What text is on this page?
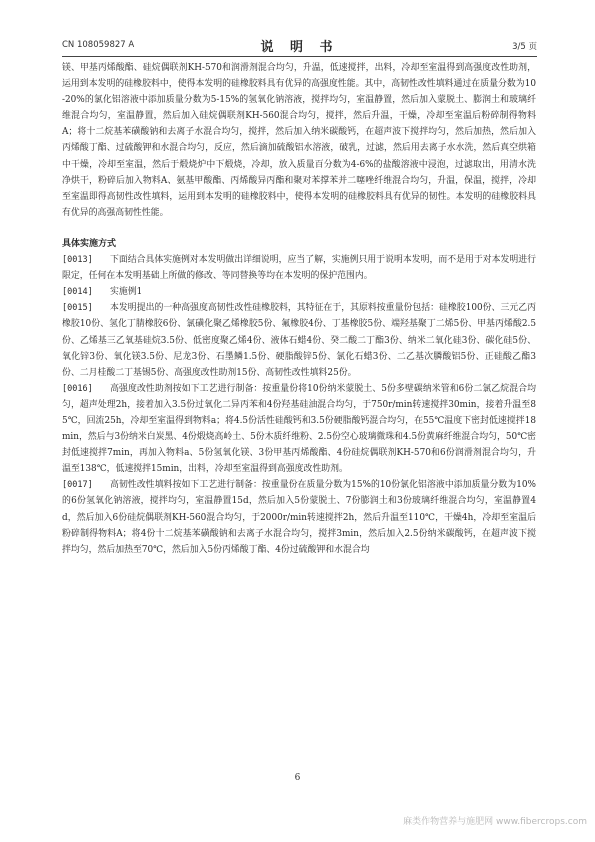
CN 108059827 A	说 明 书	3/5 页

镁、甲基丙烯酸酯、硅烷偶联剂KH-570和润滑剂混合均匀，升温，低速搅拌，出料，冷却至室温得到高强度改性助剂，运用到本发明的硅橡胶料中，使得本发明的硅橡胶料具有优异的高强度性能。其中，高韧性改性填料通过在质量分数为10-20%的氯化铝溶液中添加质量分数为5-15%的氢氧化钠溶液，搅拌均匀，室温静置，然后加入蒙脱土、膨润土和玻璃纤维混合均匀，室温静置，然后加入硅烷偶联剂KH-560混合均匀，搅拌，然后升温，干燥，冷却至室温后粉碎制得物料A；将十二烷基苯磺酸钠和去离子水混合均匀，搅拌，然后加入纳米碳酸钙，在超声波下搅拌均匀，然后加热，然后加入丙烯酸丁酯、过硫酸钾和水混合均匀，反应，然后滴加硫酸铝水溶液，破乳，过滤，然后用去离子水水洗，然后真空烘箱中干燥，冷却至室温，然后于煅烧炉中下煅烧，冷却，放入质量百分数为4-6%的盐酸溶液中浸泡，过滤取出，用清水洗净烘干，粉碎后加入物料A、氨基甲酸酯、丙烯酸异丙酯和聚对苯撑苯并二噻唑纤维混合均匀，升温，保温，搅拌，冷却至室温即得高韧性改性填料，运用到本发明的硅橡胶料中，使得本发明的硅橡胶料具有优异的韧性。本发明的硅橡胶料具有优异的高强高韧性性能。

具体实施方式

[0013] 下面结合具体实施例对本发明做出详细说明，应当了解，实施例只用于说明本发明，而不是用于对本发明进行限定，任何在本发明基础上所做的修改、等同替换等均在本发明的保护范围内。

[0014] 实施例1

[0015] 本发明提出的一种高强度高韧性改性硅橡胶料，其特征在于，其原料按重量份包括：硅橡胶100份、三元乙丙橡胶10份、氢化丁腈橡胶6份、氯磺化聚乙烯橡胶5份、氟橡胶4份、丁基橡胶5份、端羟基聚丁二烯5份、甲基丙烯酸2.5份、乙烯基三乙氧基硅烷3.5份、低密度聚乙烯4份、液体石蜡4份、癸二酸二丁酯3份、纳米二氧化硅3份、碳化硅5份、氧化锌3份、氧化镁3.5份、尼龙3份、石墨鳞1.5份、硬脂酸锌5份、氯化石蜡3份、二乙基次膦酸铝5份、正硅酸乙酯3份、二月桂酸二丁基锡5份、高强度改性助剂15份、高韧性改性填料25份。

[0016] 高强度改性助剂按如下工艺进行制备：按重量份将10份纳米蒙脱土、5份多壁碳纳米管和6份二氯乙烷混合均匀，超声处理2h，接着加入3.5份过氧化二异丙苯和4份羟基硅油混合均匀，于750r/min转速搅拌30min，接着升温至85℃，回流25h，冷却至室温得到物料a；将4.5份活性硅酸钙和3.5份硬脂酸钙混合均匀，在55℃温度下密封低速搅拌18min，然后与3份纳米白炭黑、4份煅烧高岭土、5份木质纤维粉、2.5份空心玻璃微珠和4.5份黄麻纤维混合均匀，50℃密封低速搅拌7min，再加入物料a、5份氢氧化镁、3份甲基丙烯酸酯、4份硅烷偶联剂KH-570和6份润滑剂混合均匀，升温至138℃，低速搅拌15min，出料，冷却至室温得到高强度改性助剂。

[0017] 高韧性改性填料按如下工艺进行制备：按重量份在质量分数为15%的10份氯化铝溶液中添加质量分数为10%的6份氢氧化钠溶液，搅拌均匀，室温静置15d，然后加入5份蒙脱土、7份膨润土和3份玻璃纤维混合均匀，室温静置4d，然后加入6份硅烷偶联剂KH-560混合均匀，于2000r/min转速搅拌2h，然后升温至110℃，干燥4h，冷却至室温后粉碎制得物料A；将4份十二烷基苯磺酸钠和去离子水混合均匀，搅拌3min，然后加入2.5份纳米碳酸钙，在超声波下搅拌均匀，然后加热至70℃，然后加入5份丙烯酸丁酯、4份过硫酸钾和水混合均

6
麻类作物营养与施肥网 www.fibercrops.com
